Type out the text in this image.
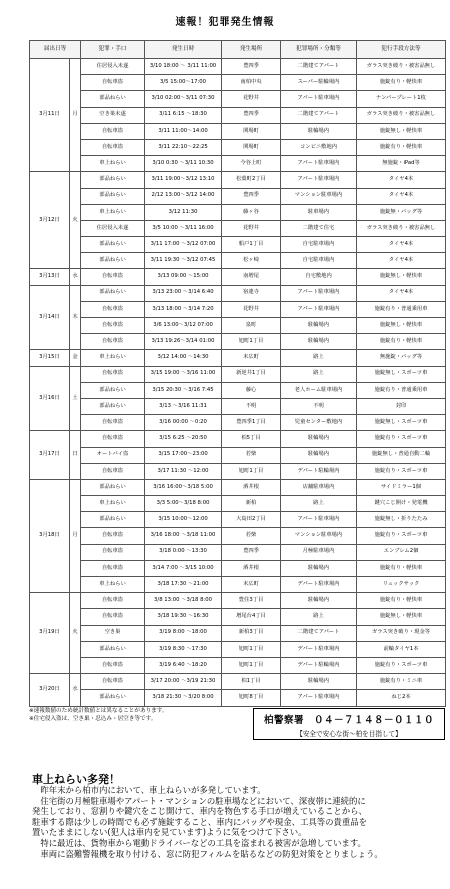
速報！犯罪発生情報
届出日等		犯罪・手口	発生日時	発生場所	犯罪場所・分類等	犯行手段方法等
3月11日	月	住居侵入未遂	3/10 18:00 ～ 3/11 11:00	豊四季	二階建てアパート	ガラス突き破り・被害品無し
		自転車盗	3/5 15:00～17:00	南柏中央	スーパー駐輪場内	施錠有り・軽快車
		部品ねらい	3/10 02:00～3/11 07:30	花野井	アパート駐車場内	ナンバープレート1枚
		空き巣未遂	3/11 6:15 ～18:30	豊四季	二階建てアパート	ガラス突き破り・被害品無し
		自転車盗	3/11 11:00～14:00	関場町	駐輪場内	施錠無し・軽快車
		自転車盗	3/11 22:10～22:25	関場町	コンビニ敷地内	施錠有り・軽快車
		車上ねらい	3/10 0:30 ～3/11 10:30	今谷上町	アパート駐車場内	無施錠・iPad等
3月12日	火	部品ねらい	3/11 19:00～3/12 13:10	松葉町2丁目	アパート駐車場内	タイヤ4本
		部品ねらい	2/12 13:00～3/12 14:00	豊四季	マンション駐車場内	タイヤ4本
		車上ねらい	3/12 11:30	藤ヶ谷	駐車場内	施錠無・バッグ等
		住居侵入未遂	3/5 10:00 ～3/11 16:00	花野井	二階建て住宅	ガラス突き破り・被害品無し
		部品ねらい	3/11 17:00 ～3/12 07:00	船戸1丁目	自宅駐車場内	タイヤ4本
		部品ねらい	3/11 19:30 ～3/12 07:45	松ヶ崎	自宅駐車場内	タイヤ4本
3月13日	水	自転車盗	3/13 09:00 ～15:00	南増尾	自宅敷地内	施錠無し・軽快車
3月14日	木	部品ねらい	3/13 23:00 ～3/14 6:40	宿連寺	アパート駐車場内	タイヤ4本
		自転車盗	3/13 18:00 ～3/14 7:20	花野井	アパート駐車場内	施錠有り・普通乗用車
		自転車盗	3/6 13:00～3/12 07:00	泉町	駐輪場内	施錠無し・軽快車
		自転車盗	3/13 19:26～3/14 01:00	旭町1丁目	駐輪場内	施錠有り・軽快車
3月15日	金	車上ねらい	3/12 14:00 ～14:30	末広町	路上	無施錠・バッグ等
3月16日	土	自転車盗	3/15 19:00 ～3/16 11:00	新逆井1丁目	路上	施錠無し・スポーツ車
		部品ねらい	3/15 20:30 ～3/16 7:45	藤心	老人ホーム駐車場内	施錠有り・普通乗用車
		部品ねらい	3/13 ～3/16 11:31	不明	不明	封印
		自転車盗	3/16 00:00 ～0:20	豊四季1丁目	児童センター敷地内	施錠無し・スポーツ車
3月17日	日	自転車盗	3/15 6:25 ～20:50	柏5丁目	駐輪場内	施錠有り・スポーツ車
		オートバイ盗	3/15 17:00～23:00	若柴	駐輪場内	施錠無し・普通自動二輪
		自転車盗	3/17 11:30 ～12:00	旭町1丁目	デパート駐輪場内	施錠有り・スポーツ車
3月18日	月	部品ねらい	3/16 16:00～3/18 5:00	酒井根	店舗駐車場内	サイドミラー1個
		車上ねらい	3/3 5:00～3/18 8:00	新柏	路上	鍵穴こじ開け・発電機
		部品ねらい	3/15 10:00～12:00	大島田2丁目	アパート駐車場内	施錠無し・折りたたみ
		自転車盗	3/16 18:00 ～3/18 11:00	若柴	マンション駐車場内	施錠有り・スポーツ車
		自転車盗	3/18 0:00 ～13:30	豊四季	月極駐車場内	エンブレム2個
		自転車盗	3/14 7:00 ～3/15 10:00	酒井根	駐輪場内	施錠有り・軽快車
		車上ねらい	3/18 17:30 ～21:00	末広町	デパート駐車場内	リュックサック
3月19日	火	自転車盗	3/8 13:00 ～3/18 8:00	豊住3丁目	駐輪場内	施錠有り・軽快車
		自転車盗	3/18 19:30 ～16:30	増尾台4丁目	路上	施錠無し・軽快車
		空き巣	3/19 8:00 ～18:00	新柏3丁目	二階建てアパート	ガラス突き破り・現金等
		部品ねらい	3/19 8:30 ～17:30	旭町1丁目	デパート駐車場内	前輪タイヤ1本
		自転車盗	3/19 6:40 ～18:20	旭町1丁目	デパート駐輪場内	施錠有り・スポーツ車
3月20日	水	自転車盗	3/17 20:00 ～3/19 21:30	柏1丁目	駐輪場内	施錠有り・ミニ車
		部品ねらい	3/18 21:30 ～3/20 8:00	旭町8丁目	アパート駐車場内	ねじ2本
※速報数値のため統計数値とは異なることがあります。
※住宅侵入盗は、空き巣・忍込み・居空き等です。	柏警察署　０４－７１４８－０１１０
【安全で安心な街～柏を目指して】
車上ねらい多発！

昨年末から柏市内において、車上ねらいが多発しています。

住宅街の月極駐車場やアパート・マンションの駐車場などにおいて、深夜帯に連続的に

発生しており、窓割りや鍵穴をこじ開けて、車内を物色する手口が増えていることから、

駐車する際は少しの時間でも必ず施錠すること、車内にバッグや現金、工具等の貴重品を

置いたままにしない(犯人は車内を見ています)ように気をつけて下さい。

特に最近は、貨物車から電動ドライバーなどの工具を盗まれる被害が急増しています。

車両に盗難警報機を取り付ける、窓に防犯フィルムを貼るなどの防犯対策をとりましょう。
